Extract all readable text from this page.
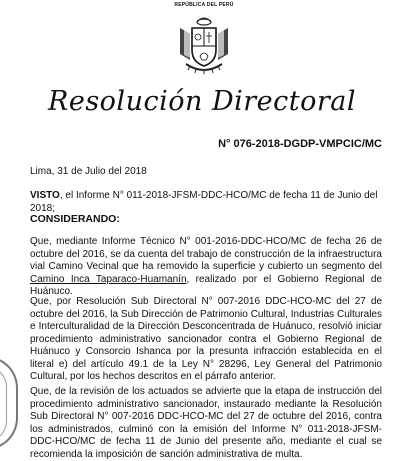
REPÚBLICA DEL PERÚ
Resolución Directoral
N° 076-2018-DGDP-VMPCIC/MC

Lima, 31 de Julio del 2018

VISTO, el Informe N° 011-2018-JFSM-DDC-HCO/MC de fecha 11 de Junio del 2018;

CONSIDERANDO:

Que, mediante Informe Técnico N° 001-2016-DDC-HCO/MC de fecha 26 de octubre del 2016, se da cuenta del trabajo de construcción de la infraestructura vial Camino Vecinal que ha removido la superficie y cubierto un segmento del Camino Inca Taparaco-Huamanín, realizado por el Gobierno Regional de Huánuco.

Que, por Resolución Sub Directoral N° 007-2016 DDC-HCO-MC del 27 de octubre del 2016, la Sub Dirección de Patrimonio Cultural, Industrias Culturales e Interculturalidad de la Dirección Desconcentrada de Huánuco, resolvió iniciar procedimiento administrativo sancionador contra el Gobierno Regional de Huánuco y Consorcio Ishanca por la presunta infracción establecida en el literal e) del artículo 49.1 de la Ley N° 28296, Ley General del Patrimonio Cultural, por los hechos descritos en el párrafo anterior.

Que, de la revisión de los actuados se advierte que la etapa de instrucción del procedimiento administrativo sancionador, instaurado mediante la Resolución Sub Directoral N° 007-2016 DDC-HCO-MC del 27 de octubre del 2016, contra los administrados, culminó con la emisión del Informe N° 011-2018-JFSM-DDC-HCO/MC de fecha 11 de Junio del presente año, mediante el cual se recomienda la imposición de sanción administrativa de multa.
